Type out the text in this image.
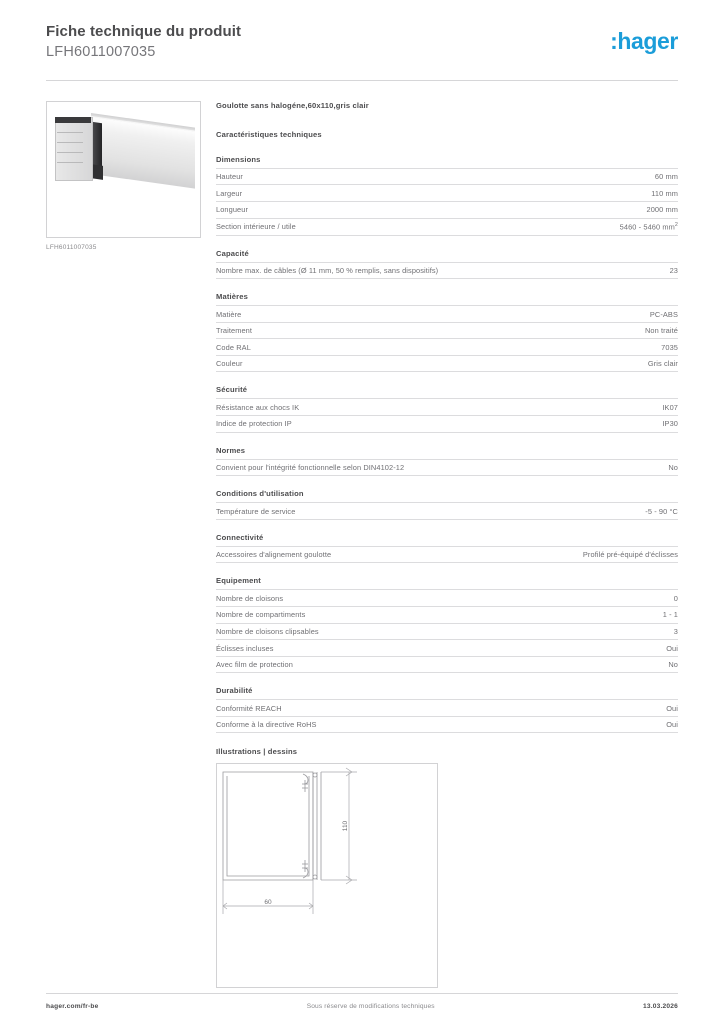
Fiche technique du produit
LFH6011007035	:hager
LFH6011007035
Goulotte sans halogéne,60x110,gris clair
Caractéristiques techniques
Dimensions
Hauteur	60 mm
Largeur	110 mm
Longueur	2000 mm
Section intérieure / utile	5460 - 5460 $mm^2$
Capacité
Nombre max. de câbles (Ø 11 mm, 50 % remplis, sans dispositifs)	23
Matières
Matière	PC-ABS
Traitement	Non traité
Code RAL	7035
Couleur	Gris clair
Sécurité
Résistance aux chocs IK	IK07
Indice de protection IP	IP30
Normes
Convient pour l'intégrité fonctionnelle selon DIN4102-12	No
Conditions d'utilisation
Température de service	-5 - 90 °C
Connectivité
Accessoires d'alignement goulotte	Profilé pré-équipé d'éclisses
Equipement
Nombre de cloisons	0
Nombre de compartiments	1 - 1
Nombre de cloisons clipsables	3
Éclisses incluses	Oui
Avec film de protection	No
Durabilité
Conformité REACH	Oui
Conforme à la directive RoHS	Oui
Illustrations | dessins
110
60
hager.com/fr-be	Sous réserve de modifications techniques	13.03.2026
